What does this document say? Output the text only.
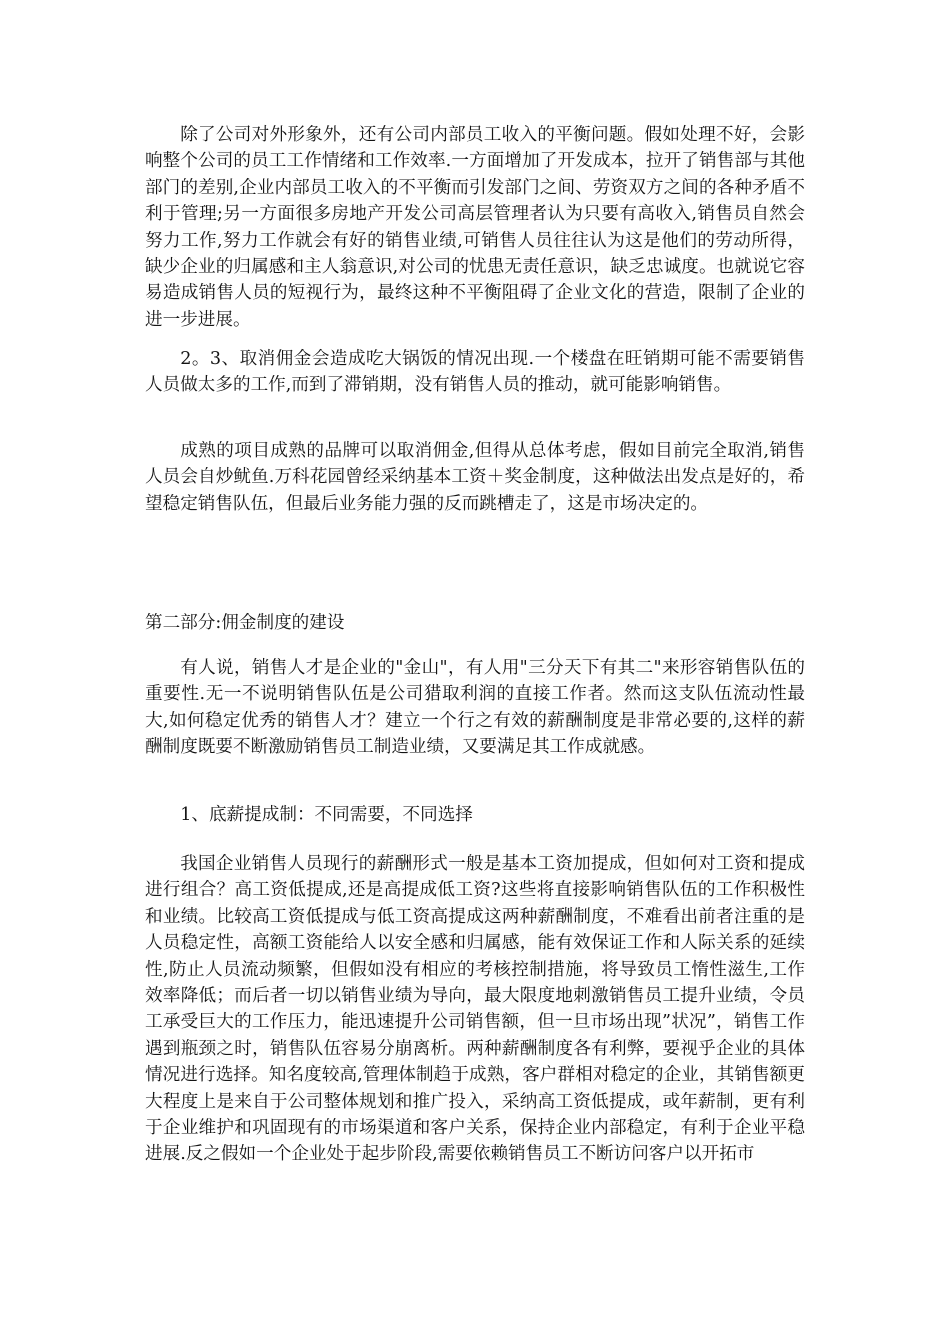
除了公司对外形象外，还有公司内部员工收入的平衡问题。假如处理不好，会影响整个公司的员工工作情绪和工作效率.一方面增加了开发成本，拉开了销售部与其他部门的差别,企业内部员工收入的不平衡而引发部门之间、劳资双方之间的各种矛盾不利于管理;另一方面很多房地产开发公司高层管理者认为只要有高收入,销售员自然会努力工作,努力工作就会有好的销售业绩,可销售人员往往认为这是他们的劳动所得，缺少企业的归属感和主人翁意识,对公司的忧患无责任意识，缺乏忠诚度。也就说它容易造成销售人员的短视行为，最终这种不平衡阻碍了企业文化的营造，限制了企业的进一步进展。

2。3、取消佣金会造成吃大锅饭的情况出现.一个楼盘在旺销期可能不需要销售人员做太多的工作,而到了滞销期，没有销售人员的推动，就可能影响销售。

成熟的项目成熟的品牌可以取消佣金,但得从总体考虑，假如目前完全取消,销售人员会自炒鱿鱼.万科花园曾经采纳基本工资＋奖金制度，这种做法出发点是好的，希望稳定销售队伍，但最后业务能力强的反而跳槽走了，这是市场决定的。

第二部分:佣金制度的建设

有人说，销售人才是企业的"金山"，有人用"三分天下有其二"来形容销售队伍的重要性.无一不说明销售队伍是公司猎取利润的直接工作者。然而这支队伍流动性最大,如何稳定优秀的销售人才？建立一个行之有效的薪酬制度是非常必要的,这样的薪酬制度既要不断激励销售员工制造业绩，又要满足其工作成就感。

1、底薪提成制：不同需要，不同选择

我国企业销售人员现行的薪酬形式一般是基本工资加提成，但如何对工资和提成进行组合？高工资低提成,还是高提成低工资?这些将直接影响销售队伍的工作积极性和业绩。比较高工资低提成与低工资高提成这两种薪酬制度，不难看出前者注重的是人员稳定性，高额工资能给人以安全感和归属感，能有效保证工作和人际关系的延续性,防止人员流动频繁，但假如没有相应的考核控制措施，将导致员工惰性滋生,工作效率降低；而后者一切以销售业绩为导向，最大限度地刺激销售员工提升业绩，令员工承受巨大的工作压力，能迅速提升公司销售额，但一旦市场出现”状况”，销售工作遇到瓶颈之时，销售队伍容易分崩离析。两种薪酬制度各有利弊，要视乎企业的具体情况进行选择。知名度较高,管理体制趋于成熟，客户群相对稳定的企业，其销售额更大程度上是来自于公司整体规划和推广投入，采纳高工资低提成，或年薪制，更有利于企业维护和巩固现有的市场渠道和客户关系，保持企业内部稳定，有利于企业平稳进展.反之假如一个企业处于起步阶段,需要依赖销售员工不断访问客户以开拓市
